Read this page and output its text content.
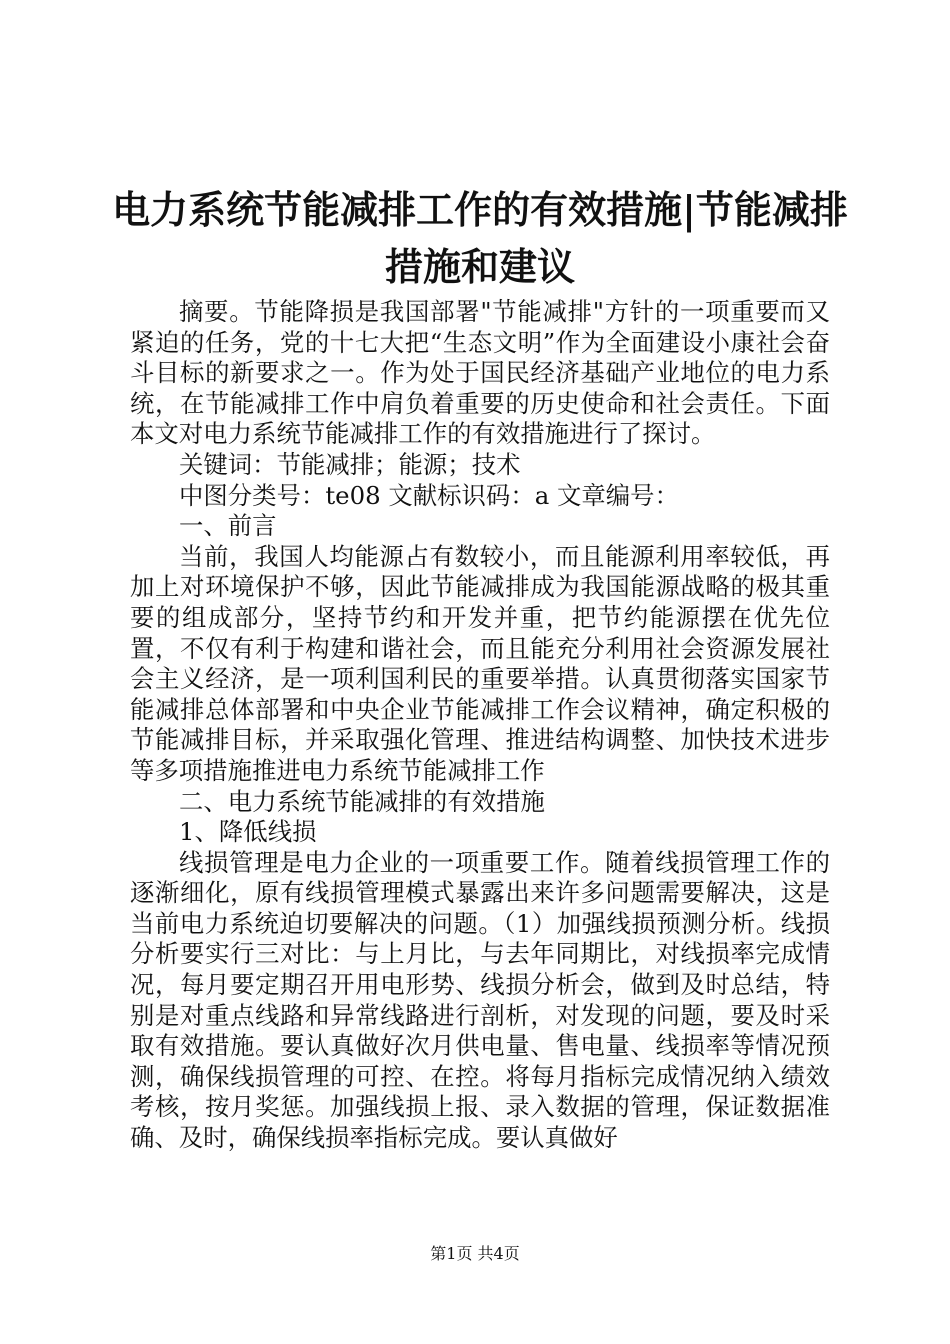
电力系统节能减排工作的有效措施|节能减排
措施和建议

摘要。节能降损是我国部署"节能减排"方针的一项重要而又紧迫的任务，党的十七大把“生态文明”作为全面建设小康社会奋斗目标的新要求之一。作为处于国民经济基础产业地位的电力系统，在节能减排工作中肩负着重要的历史使命和社会责任。下面本文对电力系统节能减排工作的有效措施进行了探讨。

关键词：节能减排；能源；技术

中图分类号：te08 文献标识码：a 文章编号：

一、前言

当前，我国人均能源占有数较小，而且能源利用率较低，再加上对环境保护不够，因此节能减排成为我国能源战略的极其重要的组成部分，坚持节约和开发并重，把节约能源摆在优先位置，不仅有利于构建和谐社会，而且能充分利用社会资源发展社会主义经济，是一项利国利民的重要举措。认真贯彻落实国家节能减排总体部署和中央企业节能减排工作会议精神，确定积极的节能减排目标，并采取强化管理、推进结构调整、加快技术进步等多项措施推进电力系统节能减排工作

二、电力系统节能减排的有效措施

1、降低线损

线损管理是电力企业的一项重要工作。随着线损管理工作的逐渐细化，原有线损管理模式暴露出来许多问题需要解决，这是当前电力系统迫切要解决的问题。（1）加强线损预测分析。线损分析要实行三对比：与上月比，与去年同期比，对线损率完成情况，每月要定期召开用电形势、线损分析会，做到及时总结，特别是对重点线路和异常线路进行剖析，对发现的问题，要及时采取有效措施。要认真做好次月供电量、售电量、线损率等情况预测，确保线损管理的可控、在控。将每月指标完成情况纳入绩效考核，按月奖惩。加强线损上报、录入数据的管理，保证数据准确、及时，确保线损率指标完成。要认真做好

第1页 共4页
